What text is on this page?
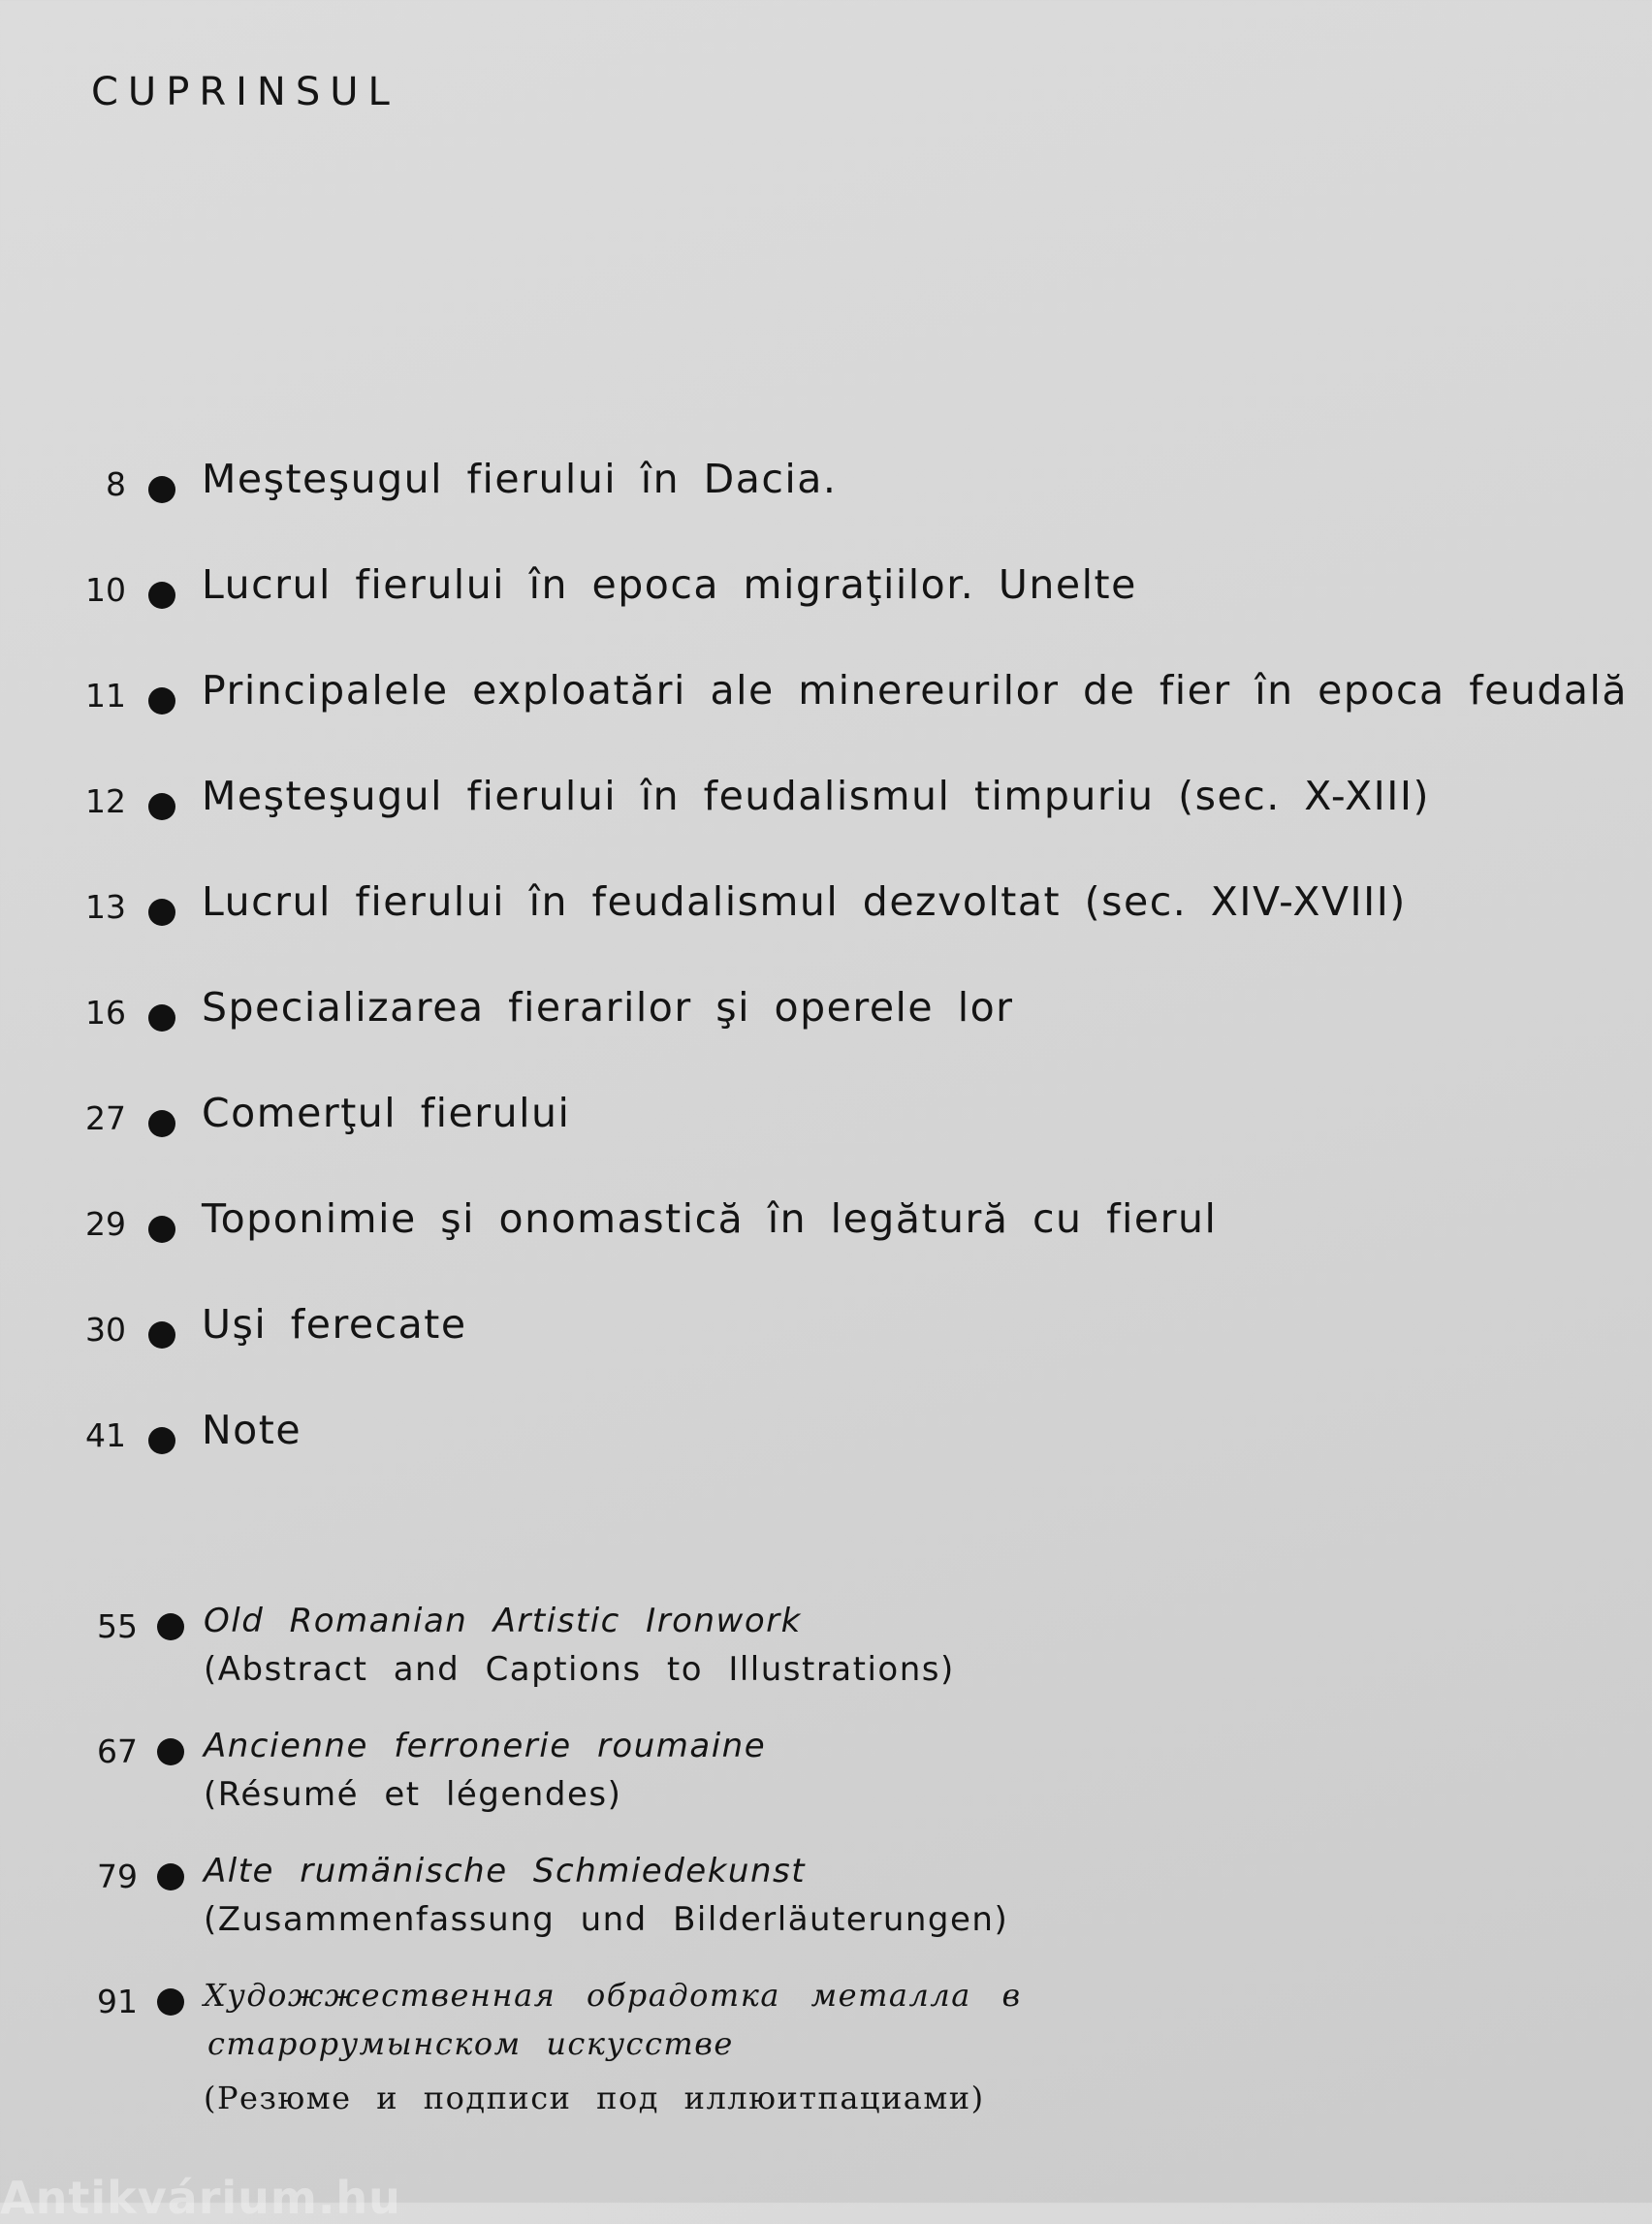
CUPRINSUL
8 Meşteşugul fierului în Dacia.
10 Lucrul fierului în epoca migraţiilor. Unelte
11 Principalele exploatări ale minereurilor de fier în epoca feudală
12 Meşteşugul fierului în feudalismul timpuriu (sec. X-XIII)
13 Lucrul fierului în feudalismul dezvoltat (sec. XIV-XVIII)
16 Specializarea fierarilor şi operele lor
27 Comerţul fierului
29 Toponimie şi onomastică în legătură cu fierul
30 Uşi ferecate
41 Note
55 Old Romanian Artistic Ironwork
(Abstract and Captions to Illustrations)
67 Ancienne ferronerie roumaine
(Résumé et légendes)
79 Alte rumänische Schmiedekunst
(Zusammenfassung und Bilderläuterungen)
91 Художжественная обрадотка металла в
старорумынском искусстве
(Резюме и подписи под иллюитпациами)
Antikvárium.hu
